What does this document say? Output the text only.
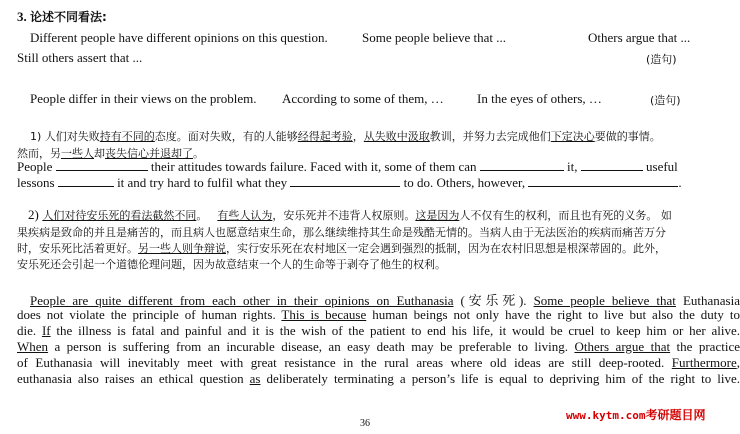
3. 论述不同看法:
Different people have different opinions on this question.	Some people believe that ...	Others argue that ...
Still others assert that ...	(造句)
People differ in their views on the problem. According to some of them, …	In the eyes of others, …	(造句)
1) 人们对失败持有不同的态度。面对失败，有的人能够经得起考验，从失败中汲取教训，并努力去完成他们下定决心要做的事情。
然而，另一些人却丧失信心并退却了。
People	their attitudes towards failure. Faced with it, some of them can	it,	useful
lessons	it and try hard to fulfil what they	to do. Others, however,	.
2) 人们对待安乐死的看法截然不同。 有些人认为，安乐死并不违背人权原则。这是因为人不仅有生的权利，而且也有死的义务。 如
果疾病是致命的并且是痛苦的，而且病人也愿意结束生命，那么继续维持其生命是残酷无情的。当病人由于无法医治的疾病而痛苦万分
时，安乐死比活着更好。另一些人则争辩说，实行安乐死在农村地区一定会遇到强烈的抵制，因为在农村旧思想是根深蒂固的。此外，
安乐死还会引起一个道德伦理问题，因为故意结束一个人的生命等于剥夺了他生的权利。
People are quite different from each other in their opinions on Euthanasia (安乐死). Some people believe that Euthanasia
does not violate the principle of human rights. This is because human beings not only have the right to live but also the duty to
die. If the illness is fatal and painful and it is the wish of the patient to end his life, it would be cruel to keep him or her alive.
When a person is suffering from an incurable disease, an easy death may be preferable to living. Others argue that the practice
of Euthanasia will inevitably meet with great resistance in the rural areas where old ideas are still deep-rooted. Furthermore,
euthanasia also raises an ethical question as deliberately terminating a person’s life is equal to depriving him of the right to live.
www.kytm.com考研题目网
36
